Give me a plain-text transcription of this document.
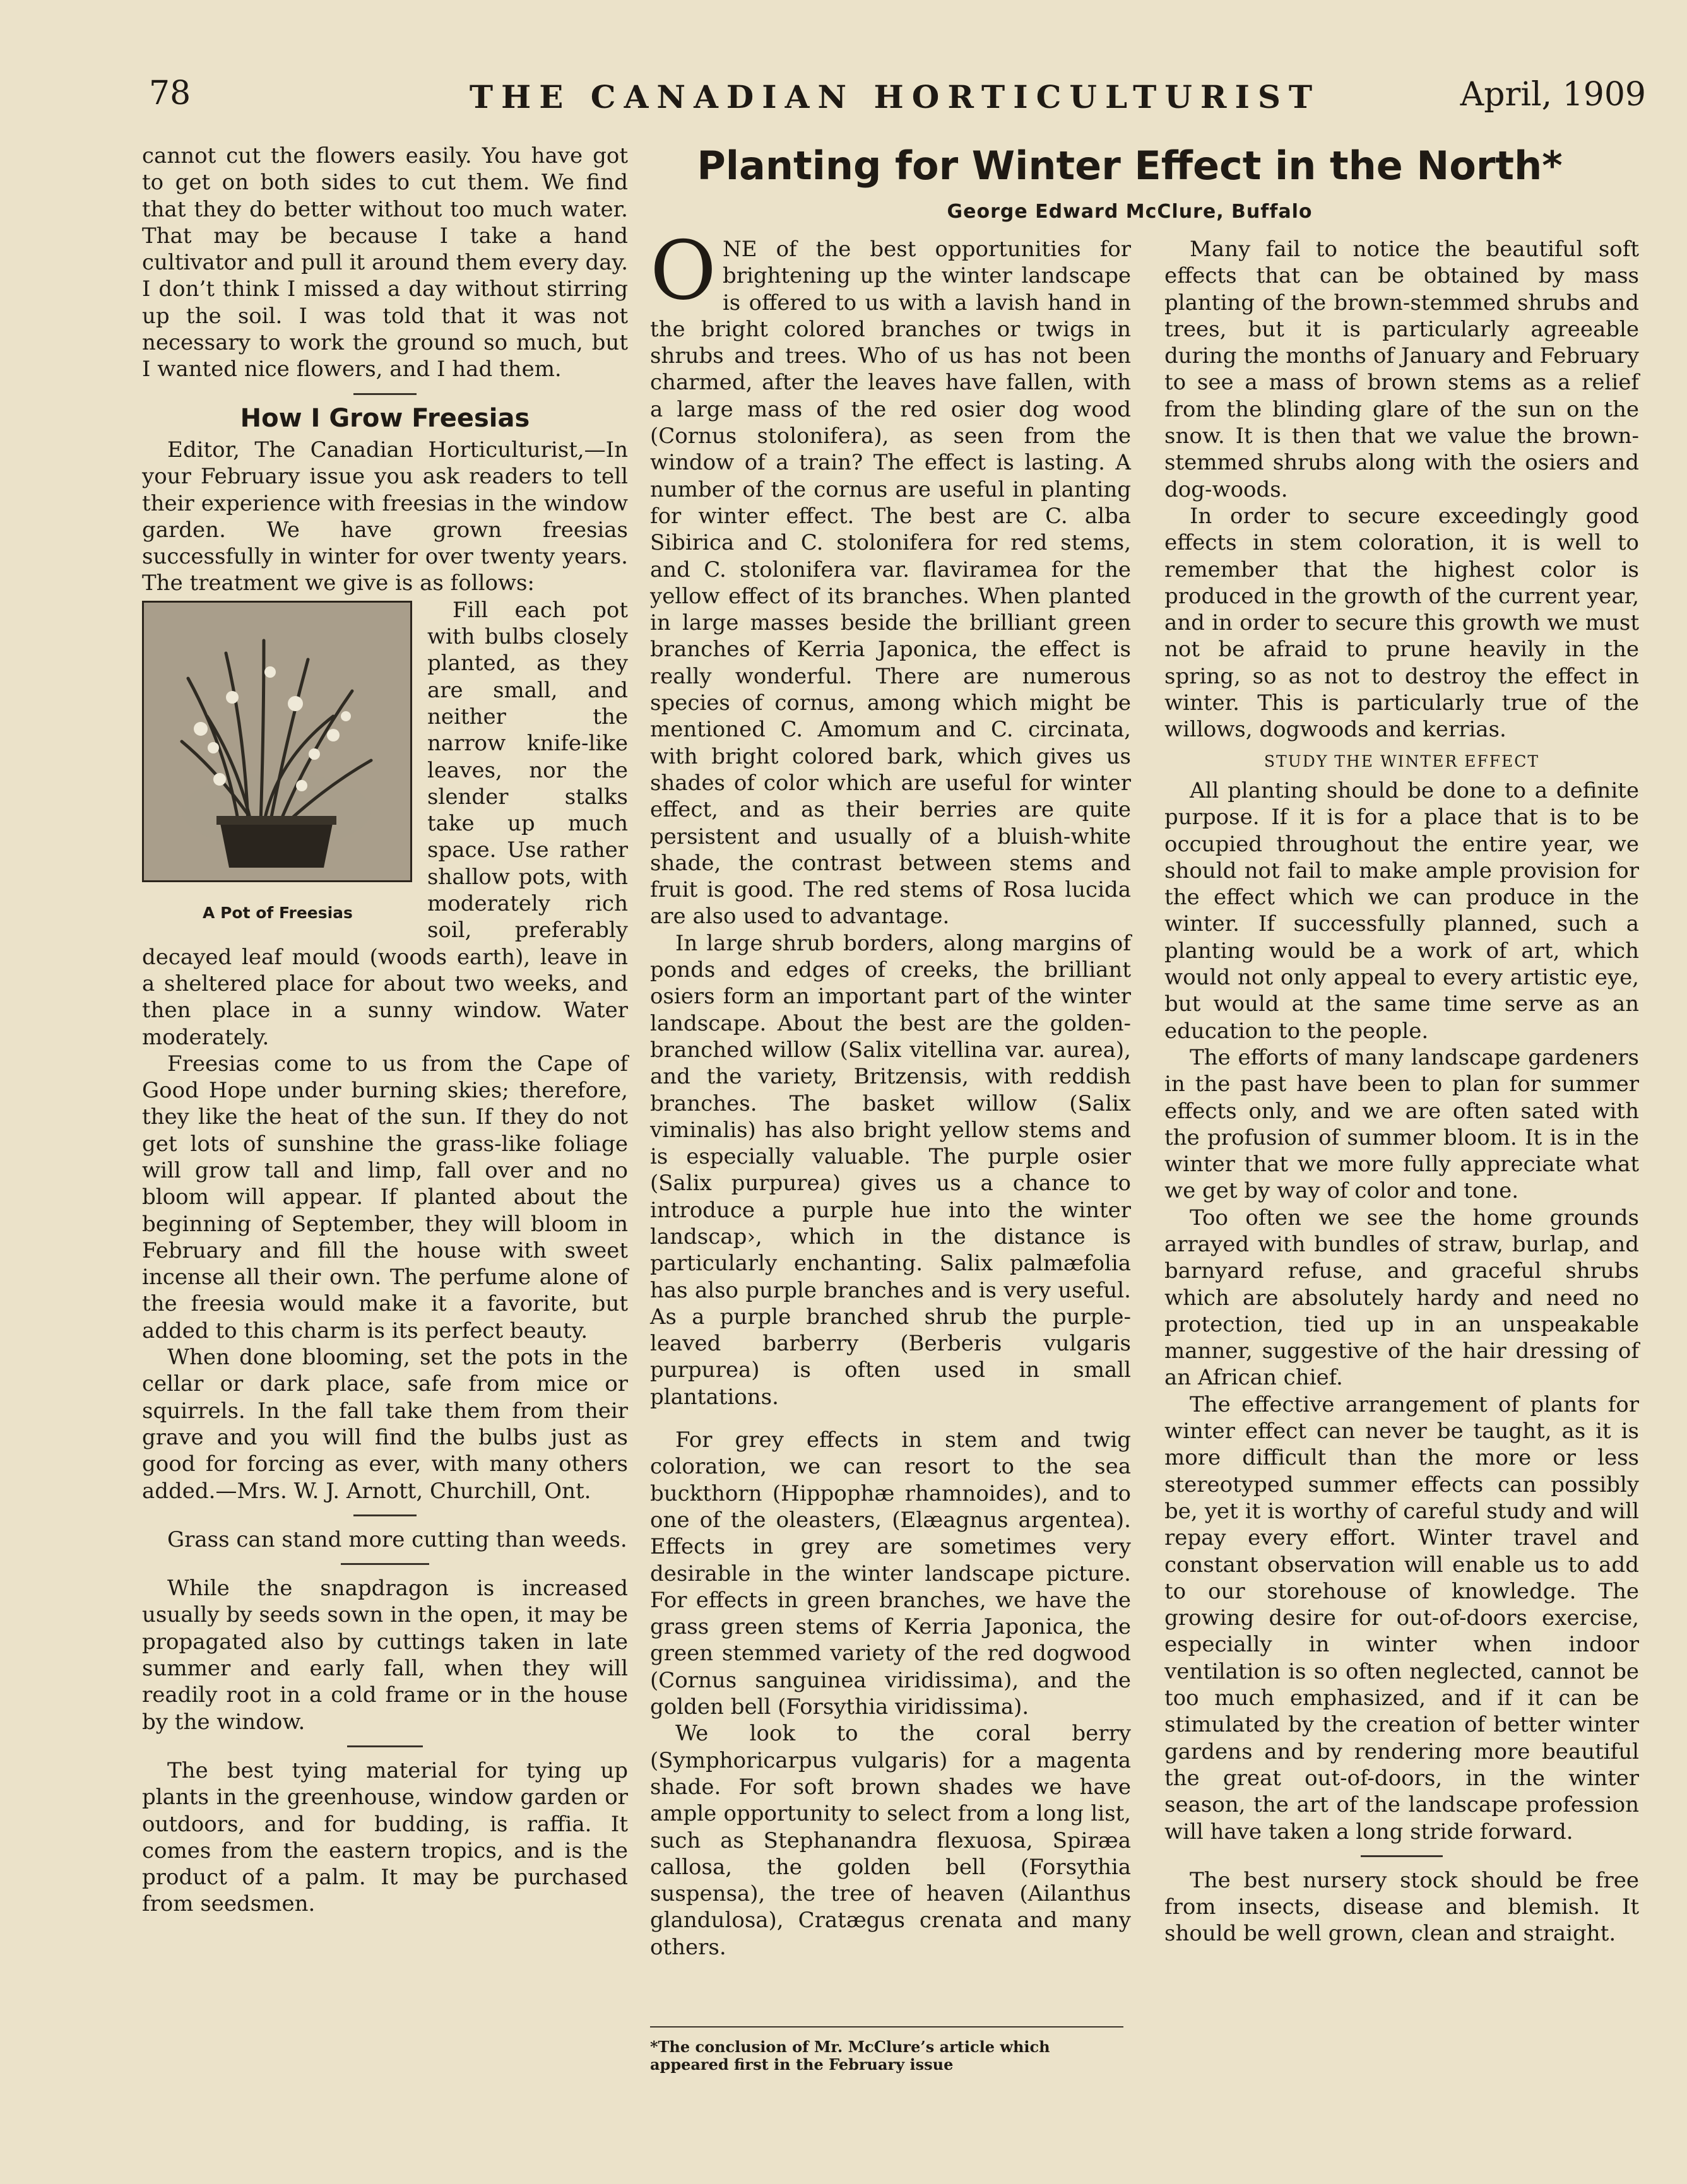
78	THE CANADIAN HORTICULTURIST	April, 1909

cannot cut the flowers easily. You have got to get on both sides to cut them. We find that they do better without too much water. That may be because I take a hand cultivator and pull it around them every day. I don’t think I missed a day without stirring up the soil. I was told that it was not necessary to work the ground so much, but I wanted nice flowers, and I had them.

How I Grow Freesias

Editor, The Canadian Horticulturist,—In your February issue you ask readers to tell their experience with freesias in the window garden. We have grown freesias successfully in winter for over twenty years. The treatment we give is as follows:

A Pot of Freesias

Fill each pot with bulbs closely planted, as they are small, and neither the narrow knife-like leaves, nor the slender stalks take up much space. Use rather shallow pots, with moderately rich soil, preferably decayed leaf mould (woods earth), leave in a sheltered place for about two weeks, and then place in a sunny window. Water moderately.

Freesias come to us from the Cape of Good Hope under burning skies; therefore, they like the heat of the sun. If they do not get lots of sunshine the grass-like foliage will grow tall and limp, fall over and no bloom will appear. If planted about the beginning of September, they will bloom in February and fill the house with sweet incense all their own. The perfume alone of the freesia would make it a favorite, but added to this charm is its perfect beauty.

When done blooming, set the pots in the cellar or dark place, safe from mice or squirrels. In the fall take them from their grave and you will find the bulbs just as good for forcing as ever, with many others added.—Mrs. W. J. Arnott, Churchill, Ont.

Grass can stand more cutting than weeds.

While the snapdragon is increased usually by seeds sown in the open, it may be propagated also by cuttings taken in late summer and early fall, when they will readily root in a cold frame or in the house by the window.

The best tying material for tying up plants in the greenhouse, window garden or outdoors, and for budding, is raffia. It comes from the eastern tropics, and is the product of a palm. It may be purchased from seedsmen.

Planting for Winter Effect in the North*
George Edward McClure, Buffalo

ONE of the best opportunities for brightening up the winter landscape is offered to us with a lavish hand in the bright colored branches or twigs in shrubs and trees. Who of us has not been charmed, after the leaves have fallen, with a large mass of the red osier dog wood (Cornus stolonifera), as seen from the window of a train? The effect is lasting. A number of the cornus are useful in planting for winter effect. The best are C. alba Sibirica and C. stolonifera for red stems, and C. stolonifera var. flaviramea for the yellow effect of its branches. When planted in large masses beside the brilliant green branches of Kerria Japonica, the effect is really wonderful. There are numerous species of cornus, among which might be mentioned C. Amomum and C. circinata, with bright colored bark, which gives us shades of color which are useful for winter effect, and as their berries are quite persistent and usually of a bluish-white shade, the contrast between stems and fruit is good. The red stems of Rosa lucida are also used to advantage.

In large shrub borders, along margins of ponds and edges of creeks, the brilliant osiers form an important part of the winter landscape. About the best are the golden-branched willow (Salix vitellina var. aurea), and the variety, Britzensis, with reddish branches. The basket willow (Salix viminalis) has also bright yellow stems and is especially valuable. The purple osier (Salix purpurea) gives us a chance to introduce a purple hue into the winter landscap›, which in the distance is particularly enchanting. Salix palmæfolia has also purple branches and is very useful. As a purple branched shrub the purple-leaved barberry (Berberis vulgaris purpurea) is often used in small plantations.

For grey effects in stem and twig coloration, we can resort to the sea buckthorn (Hippophæ rhamnoides), and to one of the oleasters, (Elæagnus argentea). Effects in grey are sometimes very desirable in the winter landscape picture. For effects in green branches, we have the grass green stems of Kerria Japonica, the green stemmed variety of the red dogwood (Cornus sanguinea viridissima), and the golden bell (Forsythia viridissima).

We look to the coral berry (Symphoricarpus vulgaris) for a magenta shade. For soft brown shades we have ample opportunity to select from a long list, such as Stephanandra flexuosa, Spiræa callosa, the golden bell (Forsythia suspensa), the tree of heaven (Ailanthus glandulosa), Cratægus crenata and many others.

*The conclusion of Mr. McClure’s article which appeared first in the February issue

Many fail to notice the beautiful soft effects that can be obtained by mass planting of the brown-stemmed shrubs and trees, but it is particularly agreeable during the months of January and February to see a mass of brown stems as a relief from the blinding glare of the sun on the snow. It is then that we value the brown-stemmed shrubs along with the osiers and dog-woods.

In order to secure exceedingly good effects in stem coloration, it is well to remember that the highest color is produced in the growth of the current year, and in order to secure this growth we must not be afraid to prune heavily in the spring, so as not to destroy the effect in winter. This is particularly true of the willows, dogwoods and kerrias.

STUDY THE WINTER EFFECT

All planting should be done to a definite purpose. If it is for a place that is to be occupied throughout the entire year, we should not fail to make ample provision for the effect which we can produce in the winter. If successfully planned, such a planting would be a work of art, which would not only appeal to every artistic eye, but would at the same time serve as an education to the people.

The efforts of many landscape gardeners in the past have been to plan for summer effects only, and we are often sated with the profusion of summer bloom. It is in the winter that we more fully appreciate what we get by way of color and tone.

Too often we see the home grounds arrayed with bundles of straw, burlap, and barnyard refuse, and graceful shrubs which are absolutely hardy and need no protection, tied up in an unspeakable manner, suggestive of the hair dressing of an African chief.

The effective arrangement of plants for winter effect can never be taught, as it is more difficult than the more or less stereotyped summer effects can possibly be, yet it is worthy of careful study and will repay every effort. Winter travel and constant observation will enable us to add to our storehouse of knowledge. The growing desire for out-of-doors exercise, especially in winter when indoor ventilation is so often neglected, cannot be too much emphasized, and if it can be stimulated by the creation of better winter gardens and by rendering more beautiful the great out-of-doors, in the winter season, the art of the landscape profession will have taken a long stride forward.

The best nursery stock should be free from insects, disease and blemish. It should be well grown, clean and straight.
